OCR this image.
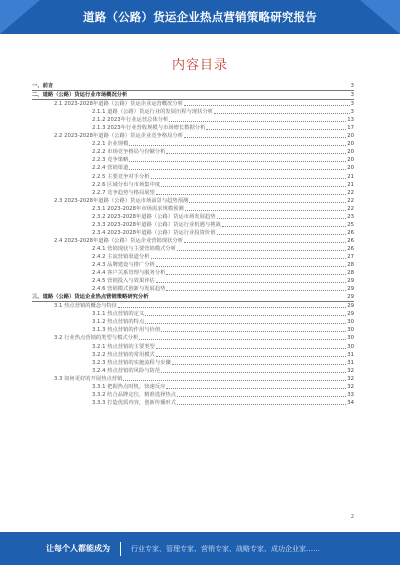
道路（公路）货运企业热点营销策略研究报告
内容目录
一、前言	3
二、道路（公路）货运行业市场概况分析	3
2.1 2023-2028年道路（公路）货运企业运营概况分析	3
2.1.1 道路（公路）货运行业的发展历程与现状分析	3
2.1.2 2023年行业运营总体分析	13
2.1.3 2023年行业营收规模与市场增长数据分析	17
2.2 2023-2028年道路（公路）货运企业竞争格局分析	20
2.2.1 企业规模	20
2.2.2 市场竞争格局与份额分析	20
2.2.3 竞争策略	20
2.2.4 营销渠道	20
2.2.5 主要竞争对手分析	21
2.2.6 区域分布与市场集中度	21
2.2.7 竞争趋势与格局展望	22
2.3 2023-2028年道路（公路）货运市场前景与趋势预测	22
2.3.1 2023-2028年市场需求规模预测	22
2.3.2 2023-2028年道路（公路）货运市场发展趋势	23
2.3.3 2023-2028年道路（公路）货运行业机遇与挑战	25
2.3.4 2023-2028年道路（公路）货运行业投资价值	26
2.4 2023-2028年道路（公路）货运企业营销现状分析	26
2.4.1 营销现状与主要营销模式分析	26
2.4.2 主流营销渠道分析	27
2.4.3 品牌建设与推广分析	28
2.4.4 客户关系管理与服务分析	28
2.4.5 营销投入与效果评估	29
2.4.6 营销模式创新与发展趋势	29
三、道路（公路）货运企业热点营销策略研究分析	29
3.1 热点营销的概念与特征	29
3.1.1 热点营销的定义	29
3.1.2 热点营销的特点	30
3.1.3 热点营销的作用与价值	30
3.2 行业热点营销的类型与模式分析	30
3.2.1 热点营销的主要类型	30
3.2.2 热点营销的常用模式	31
3.2.3 热点营销的实施流程与步骤	31
3.2.4 热点营销的风险与防范	32
3.3 如何更好的开展热点营销	32
3.3.1 把握热点时机，快速反应	32
3.3.2 结合品牌定位，精准选择热点	33
3.3.3 打造优质内容，创新传播形式	34
2
让每个人都能成为	行业专家、管理专家、营销专家、战略专家、成功企业家……
